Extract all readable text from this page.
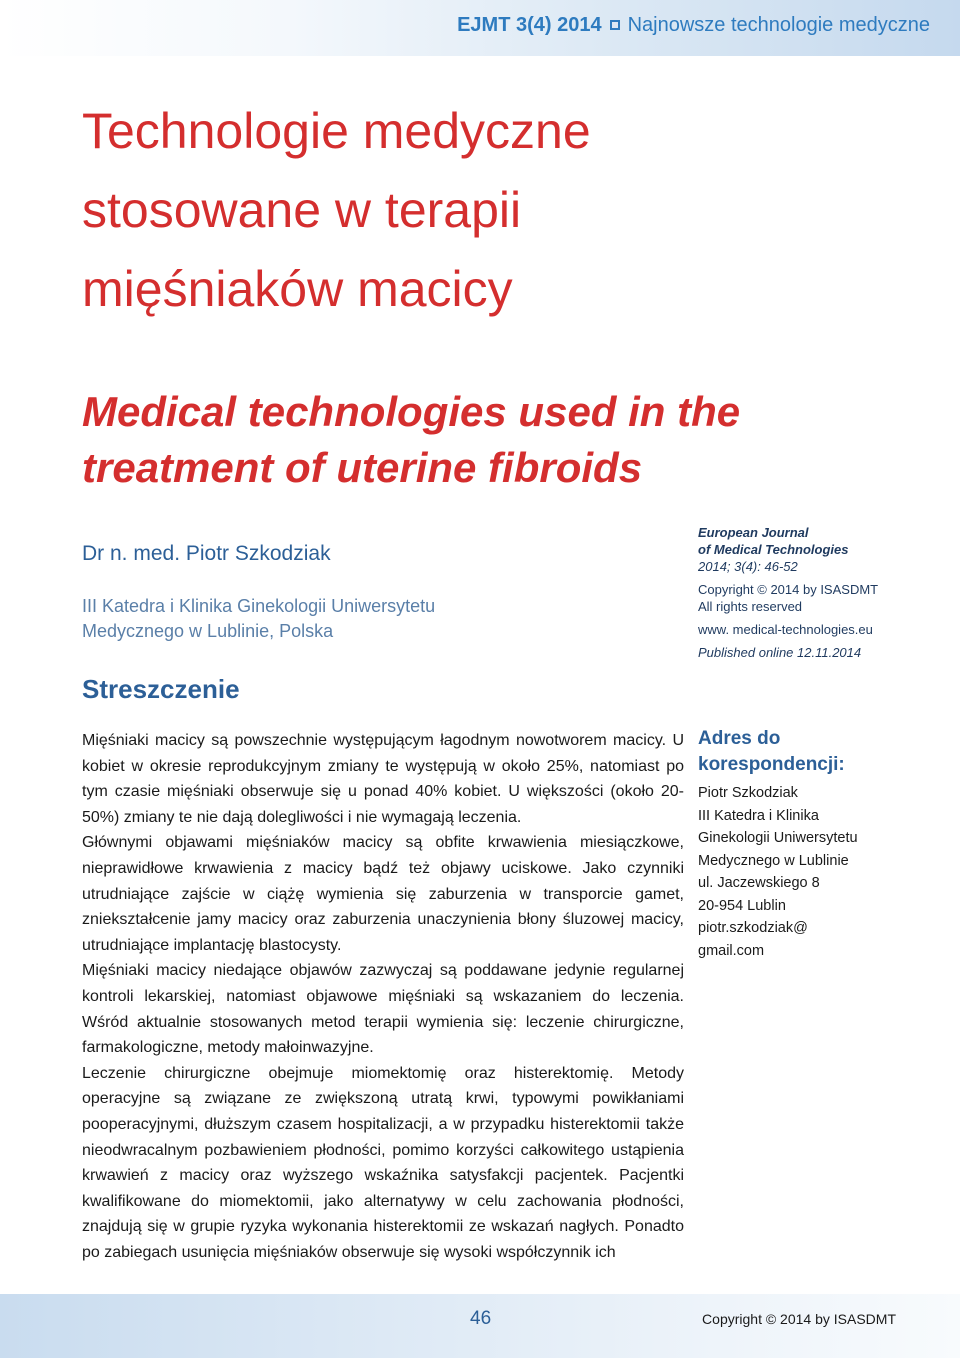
EJMT 3(4) 2014 Najnowsze technologie medyczne
Technologie medyczne stosowane w terapii mięśniaków macicy
Medical technologies used in the treatment of uterine fibroids

Dr n. med. Piotr Szkodziak

III Katedra i Klinika Ginekologii Uniwersytetu
Medycznego w Lublinie, Polska
European Journal
of Medical Technologies
2014; 3(4): 46-52
Copyright © 2014 by ISASDMT
All rights reserved
www. medical-technologies.eu
Published online 12.11.2014
Streszczenie

Mięśniaki macicy są powszechnie występującym łagodnym nowotworem macicy. U kobiet w okresie reprodukcyjnym zmiany te występują w około 25%, natomiast po tym czasie mięśniaki obserwuje się u ponad 40% kobiet. U większości (około 20-50%) zmiany te nie dają dolegliwości i nie wymagają leczenia.

Głównymi objawami mięśniaków macicy są obfite krwawienia miesiączkowe, nieprawidłowe krwawienia z macicy bądź też objawy uciskowe. Jako czynniki utrudniające zajście w ciążę wymienia się zaburzenia w transporcie gamet, zniekształcenie jamy macicy oraz zaburzenia unaczynienia błony śluzowej macicy, utrudniające implantację blastocysty.

Mięśniaki macicy niedające objawów zazwyczaj są poddawane jedynie regularnej kontroli lekarskiej, natomiast objawowe mięśniaki są wskazaniem do leczenia. Wśród aktualnie stosowanych metod terapii wymienia się: leczenie chirurgiczne, farmakologiczne, metody małoinwazyjne.

Leczenie chirurgiczne obejmuje miomektomię oraz histerektomię. Metody operacyjne są związane ze zwiększoną utratą krwi, typowymi powikłaniami pooperacyjnymi, dłuższym czasem hospitalizacji, a w przypadku histerektomii także nieodwracalnym pozbawieniem płodności, pomimo korzyści całkowitego ustąpienia krwawień z macicy oraz wyższego wskaźnika satysfakcji pacjentek. Pacjentki kwalifikowane do miomektomii, jako alternatywy w celu zachowania płodności, znajdują się w grupie ryzyka wykonania histerektomii ze wskazań nagłych. Ponadto po zabiegach usunięcia mięśniaków obserwuje się wysoki współczynnik ich

Adres do korespondencji:

Piotr Szkodziak

III Katedra i Klinika

Ginekologii Uniwersytetu

Medycznego w Lublinie

ul. Jaczewskiego 8

20-954 Lublin

piotr.szkodziak@

gmail.com

46	Copyright © 2014 by ISASDMT
